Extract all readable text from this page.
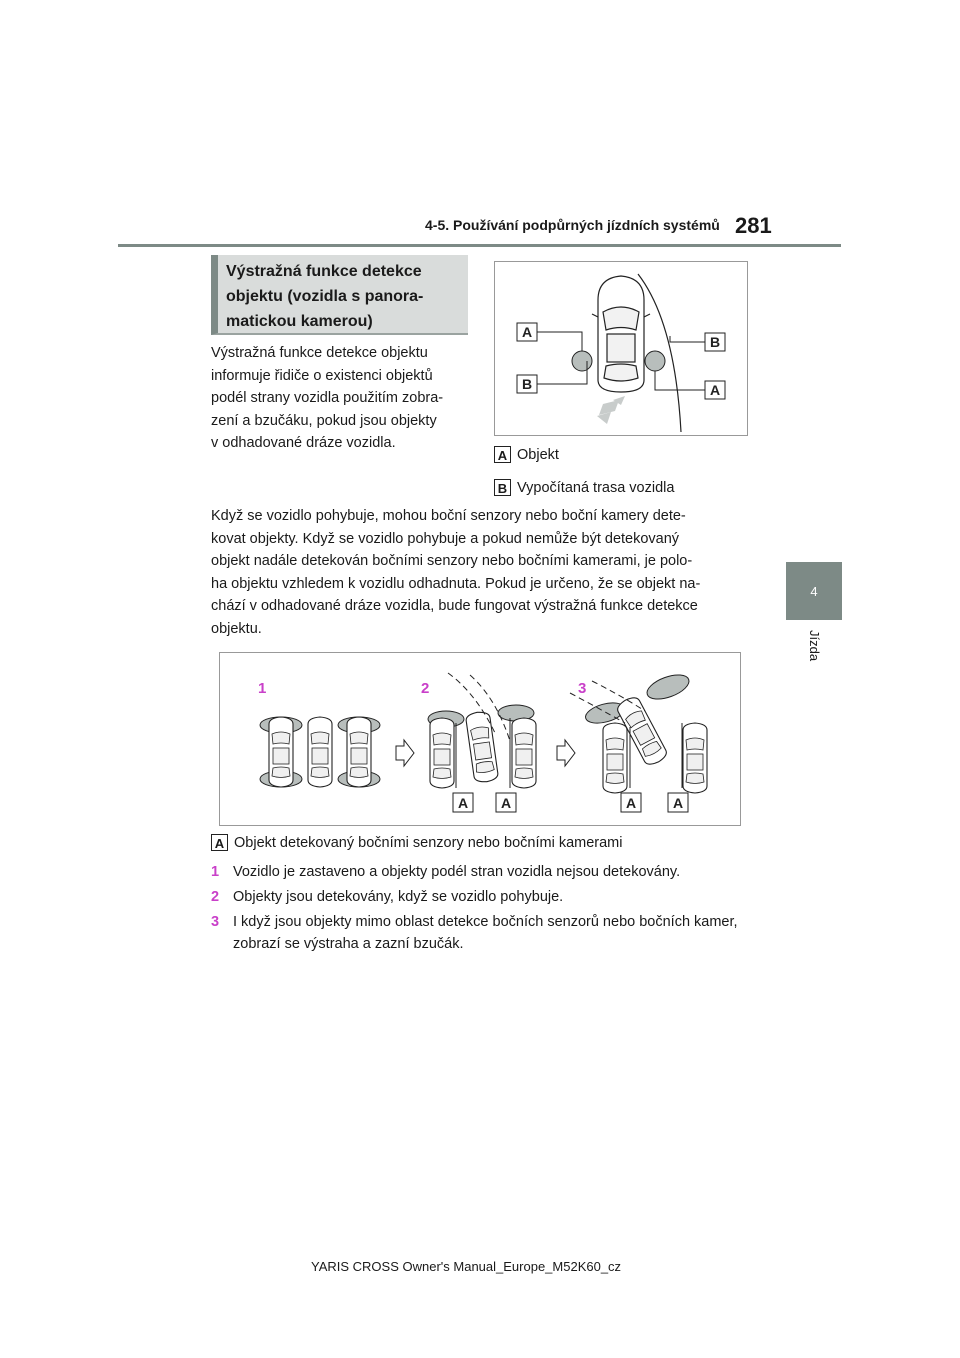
4-5. Používání podpůrných jízdních systémů 281
4
Jízda
Výstražná funkce detekce
objektu (vozidla s panora-
matickou kamerou)
Výstražná funkce detekce objektu
informuje řidiče o existenci objektů
podél strany vozidla použitím zobra-
zení a bzučáku, pokud jsou objekty
v odhadované dráze vozidla.
A
B
B
A
A Objekt
B Vypočítaná trasa vozidla
Když se vozidlo pohybuje, mohou boční senzory nebo boční kamery dete-
kovat objekty. Když se vozidlo pohybuje a pokud nemůže být detekovaný
objekt nadále detekován bočními senzory nebo bočními kamerami, je polo-
ha objektu vzhledem k vozidlu odhadnuta. Pokud je určeno, že se objekt na-
chází v odhadované dráze vozidla, bude fungovat výstražná funkce detekce
objektu.
1	2	3
A A	A	A
A Objekt detekovaný bočními senzory nebo bočními kamerami
1 Vozidlo je zastaveno a objekty podél stran vozidla nejsou detekovány.
2 Objekty jsou detekovány, když se vozidlo pohybuje.
3 I když jsou objekty mimo oblast detekce bočních senzorů nebo bočních kamer, zobrazí se výstraha a zazní bzučák.
YARIS CROSS Owner's Manual_Europe_M52K60_cz
